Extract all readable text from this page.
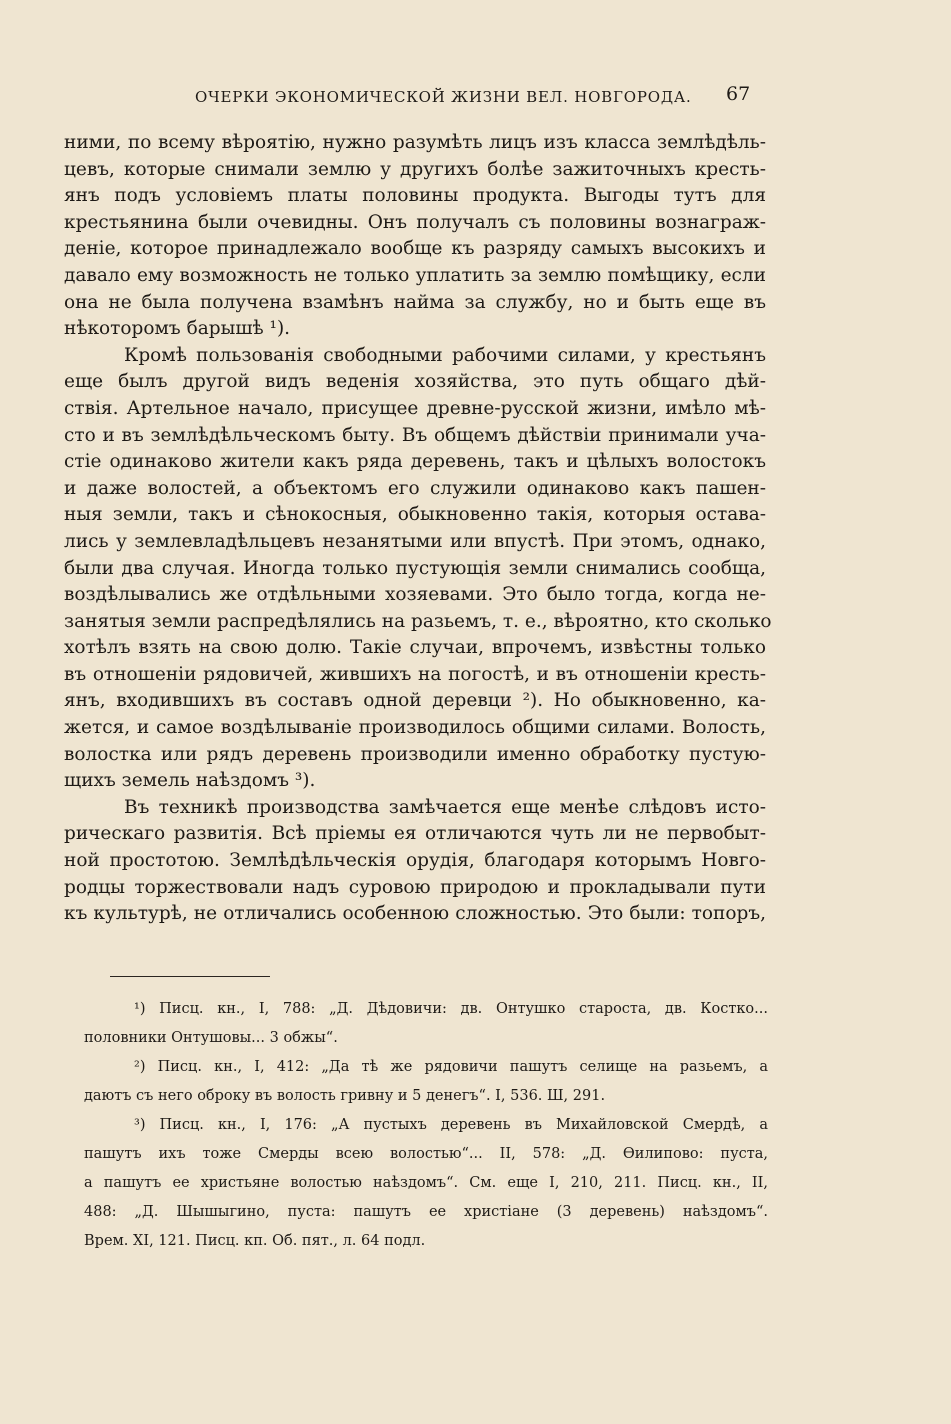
ОЧЕРКИ ЭКОНОМИЧЕСКОЙ ЖИЗНИ ВЕЛ. НОВГОРОДА. 67
ними, по всему вѣроятію, нужно разумѣть лицъ изъ класса землѣдѣль-
цевъ, которые снимали землю у другихъ болѣе зажиточныхъ кресть-
янъ подъ условіемъ платы половины продукта. Выгоды тутъ для
крестьянина были очевидны. Онъ получалъ съ половины вознаграж-
деніе, которое принадлежало вообще къ разряду самыхъ высокихъ и
давало ему возможность не только уплатить за землю помѣщику, если
она не была получена взамѣнъ найма за службу, но и быть еще въ
нѣкоторомъ барышѣ ¹).
Кромѣ пользованія свободными рабочими силами, у крестьянъ
еще былъ другой видъ веденія хозяйства, это путь общаго дѣй-
ствія. Артельное начало, присущее древне-русской жизни, имѣло мѣ-
сто и въ землѣдѣльческомъ быту. Въ общемъ дѣйствіи принимали уча-
стіе одинаково жители какъ ряда деревень, такъ и цѣлыхъ волостокъ
и даже волостей, а объектомъ его служили одинаково какъ пашен-
ныя земли, такъ и сѣнокосныя, обыкновенно такія, которыя остава-
лись у землевладѣльцевъ незанятыми или впустѣ. При этомъ, однако,
были два случая. Иногда только пустующія земли снимались сообща,
воздѣлывались же отдѣльными хозяевами. Это было тогда, когда не-
занятыя земли распредѣлялись на разьемъ, т. е., вѣроятно, кто сколько
хотѣлъ взять на свою долю. Такіе случаи, впрочемъ, извѣстны только
въ отношеніи рядовичей, жившихъ на погостѣ, и въ отношеніи кресть-
янъ, входившихъ въ составъ одной деревци ²). Но обыкновенно, ка-
жется, и самое воздѣлываніе производилось общими силами. Волость,
волостка или рядъ деревень производили именно обработку пустую-
щихъ земель наѣздомъ ³).
Въ техникѣ производства замѣчается еще менѣе слѣдовъ исто-
рическаго развитія. Всѣ пріемы ея отличаются чуть ли не первобыт-
ной простотою. Землѣдѣльческія орудія, благодаря которымъ Новго-
родцы торжествовали надъ суровою природою и прокладывали пути
къ культурѣ, не отличались особенною сложностью. Это были: топоръ,
¹) Писц. кн., I, 788: „Д. Дѣдовичи: дв. Онтушко староста, дв. Костко...
половники Онтушовы... 3 обжы“.
²) Писц. кн., I, 412: „Да тѣ же рядовичи пашутъ селище на разьемъ, а
даютъ съ него оброку въ волость гривну и 5 денегъ“. I, 536. Ш, 291.
³) Писц. кн., I, 176: „А пустыхъ деревень въ Михайловской Смердѣ, а
пашутъ ихъ тоже Смерды всею волостью“... II, 578: „Д. Ѳилипово: пуста,
а пашутъ ее христьяне волостью наѣздомъ“. См. еще I, 210, 211. Писц. кн., II,
488: „Д. Шышыгино, пуста: пашутъ ее христіане (3 деревень) наѣздомъ“.
Врем. XI, 121. Писц. кп. Об. пят., л. 64 подл.
